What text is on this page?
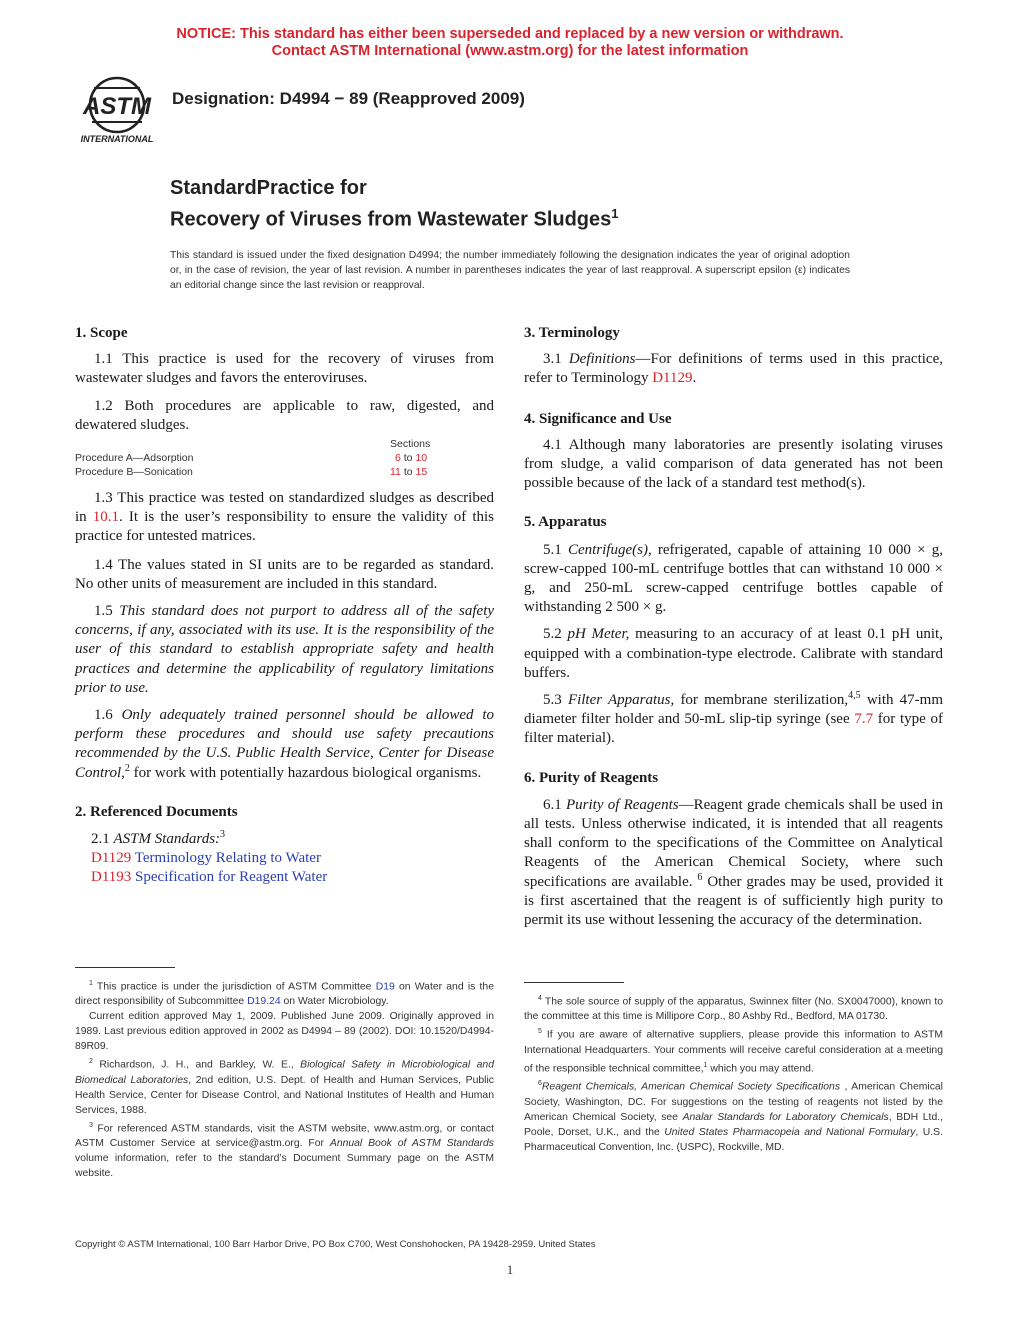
NOTICE: This standard has either been superseded and replaced by a new version or withdrawn.
Contact ASTM International (www.astm.org) for the latest information
ASTM
INTERNATIONAL
Designation: D4994 − 89 (Reapproved 2009)
StandardPractice for
Recovery of Viruses from Wastewater Sludges$^1$
This standard is issued under the fixed designation D4994; the number immediately following the designation indicates the year of original adoption or, in the case of revision, the year of last revision. A number in parentheses indicates the year of last reapproval. A superscript epsilon (ε) indicates an editorial change since the last revision or reapproval.
1. Scope

1.1 This practice is used for the recovery of viruses from wastewater sludges and favors the enteroviruses.

1.2 Both procedures are applicable to raw, digested, and dewatered sludges.

Sections
Procedure A—Adsorption	6 to 10
Procedure B—Sonication	11 to 15

1.3 This practice was tested on standardized sludges as described in 10.1. It is the user’s responsibility to ensure the validity of this practice for untested matrices.

1.4 The values stated in SI units are to be regarded as standard. No other units of measurement are included in this standard.

1.5 This standard does not purport to address all of the safety concerns, if any, associated with its use. It is the responsibility of the user of this standard to establish appropriate safety and health practices and determine the applicability of regulatory limitations prior to use.

1.6 Only adequately trained personnel should be allowed to perform these procedures and should use safety precautions recommended by the U.S. Public Health Service, Center for Disease Control,$^2$ for work with potentially hazardous biological organisms.

2. Referenced Documents
2.1 ASTM Standards:$^3$
D1129 Terminology Relating to Water
D1193 Specification for Reagent Water
3. Terminology

3.1 Definitions—For definitions of terms used in this practice, refer to Terminology D1129.

4. Significance and Use

4.1 Although many laboratories are presently isolating viruses from sludge, a valid comparison of data generated has not been possible because of the lack of a standard test method(s).

5. Apparatus

5.1 Centrifuge(s), refrigerated, capable of attaining 10 000 × g, screw-capped 100-mL centrifuge bottles that can withstand 10 000 × g, and 250-mL screw-capped centrifuge bottles capable of withstanding 2 500 × g.

5.2 pH Meter, measuring to an accuracy of at least 0.1 pH unit, equipped with a combination-type electrode. Calibrate with standard buffers.

5.3 Filter Apparatus, for membrane sterilization,$^{4,5}$ with 47-mm diameter filter holder and 50-mL slip-tip syringe (see 7.7 for type of filter material).

6. Purity of Reagents

6.1 Purity of Reagents—Reagent grade chemicals shall be used in all tests. Unless otherwise indicated, it is intended that all reagents shall conform to the specifications of the Committee on Analytical Reagents of the American Chemical Society, where such specifications are available. $^6$ Other grades may be used, provided it is first ascertained that the reagent is of sufficiently high purity to permit its use without lessening the accuracy of the determination.

$^1$ This practice is under the jurisdiction of ASTM Committee D19 on Water and is the direct responsibility of Subcommittee D19.24 on Water Microbiology.

Current edition approved May 1, 2009. Published June 2009. Originally approved in 1989. Last previous edition approved in 2002 as D4994 – 89 (2002). DOI: 10.1520/D4994-89R09.

$^2$ Richardson, J. H., and Barkley, W. E., Biological Safety in Microbiological and Biomedical Laboratories, 2nd edition, U.S. Dept. of Health and Human Services, Public Health Service, Center for Disease Control, and National Institutes of Health and Human Services, 1988.

$^3$ For referenced ASTM standards, visit the ASTM website, www.astm.org, or contact ASTM Customer Service at service@astm.org. For Annual Book of ASTM Standards volume information, refer to the standard’s Document Summary page on the ASTM website.

$^4$ The sole source of supply of the apparatus, Swinnex filter (No. SX0047000), known to the committee at this time is Millipore Corp., 80 Ashby Rd., Bedford, MA 01730.

$^5$ If you are aware of alternative suppliers, please provide this information to ASTM International Headquarters. Your comments will receive careful consideration at a meeting of the responsible technical committee,$^1$ which you may attend.

$^6$Reagent Chemicals, American Chemical Society Specifications , American Chemical Society, Washington, DC. For suggestions on the testing of reagents not listed by the American Chemical Society, see Analar Standards for Laboratory Chemicals, BDH Ltd., Poole, Dorset, U.K., and the United States Pharmacopeia and National Formulary, U.S. Pharmaceutical Convention, Inc. (USPC), Rockville, MD.

Copyright © ASTM International, 100 Barr Harbor Drive, PO Box C700, West Conshohocken, PA 19428-2959. United States
1
